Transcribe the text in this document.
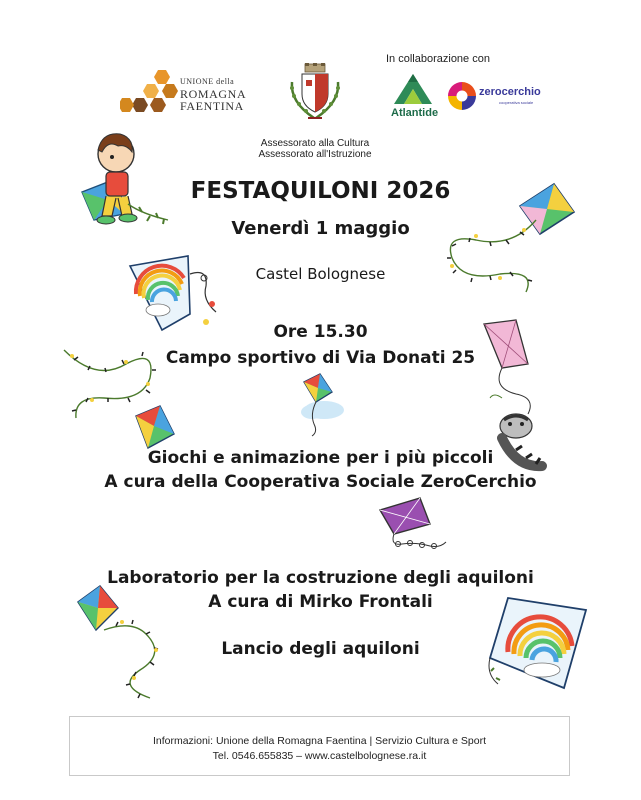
UNIONE della
ROMAGNA
FAENTINA
Assessorato alla Cultura
Assessorato all'Istruzione
In collaborazione con
Atlantide
zerocerchio
cooperativa sociale
FESTAQUILONI 2026
Venerdì 1 maggio
Castel Bolognese
Ore 15.30
Campo sportivo di Via Donati 25
Giochi e animazione per i più piccoli
A cura della Cooperativa Sociale ZeroCerchio
Laboratorio per la costruzione degli aquiloni
A cura di Mirko Frontali
Lancio degli aquiloni
Informazioni: Unione della Romagna Faentina | Servizio Cultura e Sport
Tel. 0546.655835 – www.castelbolognese.ra.it
